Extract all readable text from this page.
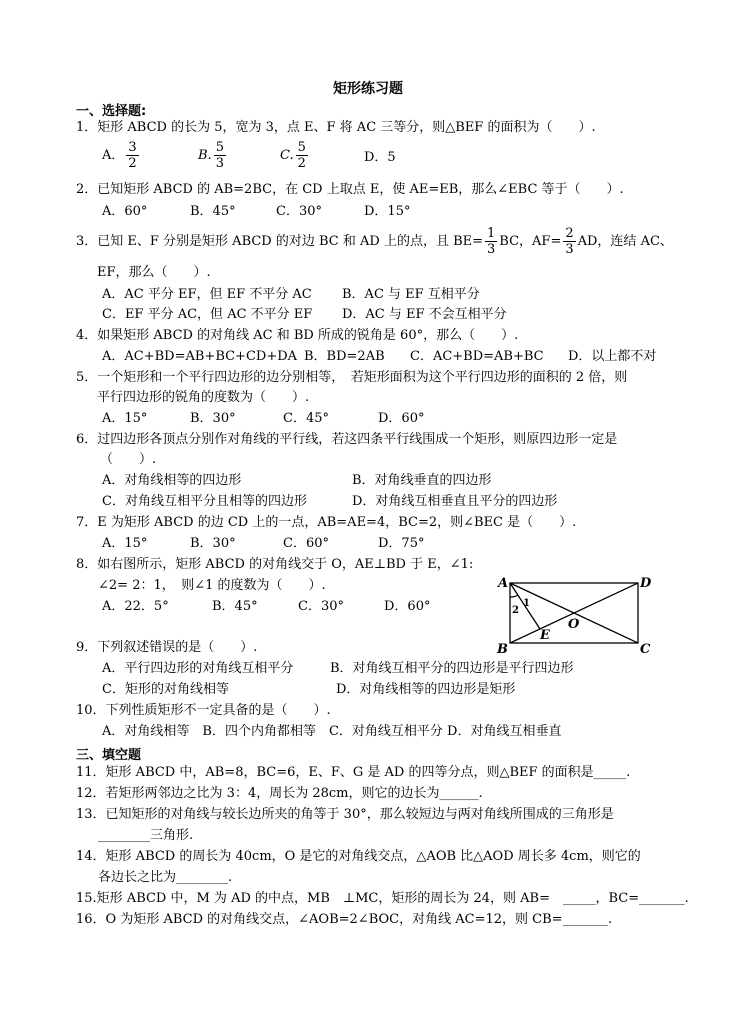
矩形练习题
一、选择题:
1．矩形 ABCD 的长为 5，宽为 3，点 E、F 将 AC 三等分，则△BEF 的面积为（　　）.
A． $\frac{3}{2}$	B. $\frac{5}{3}$	C. $\frac{5}{2}$	D．5
2．已知矩形 ABCD 的 AB=2BC，在 CD 上取点 E，使 AE=EB，那么∠EBC 等于（　　）.
A．60°	B．45°	C．30°	D．15°
3．已知 E、F 分别是矩形 ABCD 的对边 BC 和 AD 上的点，且 $BE= \frac{1}{3}$ BC，$AF= \frac{2}{3}$ AD，连结 AC、
EF，那么（　　）.
A．AC 平分 EF，但 EF 不平分 AC B．AC 与 EF 互相平分
C．EF 平分 AC，但 AC 不平分 EF D．AC 与 EF 不会互相平分
4．如果矩形 ABCD 的对角线 AC 和 BD 所成的锐角是 60°，那么（　　）.
A．AC+BD=AB+BC+CD+DA B．BD=2AB C．AC+BD=AB+BC D．以上都不对
5．一个矩形和一个平行四边形的边分别相等，　若矩形面积为这个平行四边形的面积的 2 倍，则
平行四边形的锐角的度数为（　　）.
A．15°	B．30°	C．45°	D．60°
6．过四边形各顶点分别作对角线的平行线，若这四条平行线围成一个矩形，则原四边形一定是
（　　）.
A．对角线相等的四边形	B．对角线垂直的四边形
C．对角线互相平分且相等的四边形	D．对角线互相垂直且平分的四边形
7．E 为矩形 ABCD 的边 CD 上的一点，AB=AE=4，BC=2，则∠BEC 是（　　）.
A．15°	B．30°	C．60°	D．75°
8．如右图所示，矩形 ABCD 的对角线交于 O，AE⊥BD 于 E，∠1:
∠2= 2：1，　则∠1 的度数为（　　）.
A．22．5°	B．45°	C．30°	D．60°
A	D
B	C
E
O
1
2
9．下列叙述错误的是（　　）.
A．平行四边形的对角线互相平分	B．对角线互相平分的四边形是平行四边形
C．矩形的对角线相等	D．对角线相等的四边形是矩形
10．下列性质矩形不一定具备的是（　　）.
A．对角线相等　B．四个内角都相等　C．对角线互相平分 D．对角线互相垂直
三、填空题
11．矩形 ABCD 中，AB=8，BC=6，E、F、G 是 AD 的四等分点，则△BEF 的面积是_____.
12．若矩形两邻边之比为 3：4，周长为 28cm，则它的边长为______.
13．已知矩形的对角线与较长边所夹的角等于 30°，那么较短边与两对角线所围成的三角形是
________三角形.
14．矩形 ABCD 的周长为 40cm，O 是它的对角线交点，△AOB 比△AOD 周长多 4cm，则它的
各边长之比为________.
15.矩形 ABCD 中，M 为 AD 的中点，MB　⊥MC，矩形的周长为 24，则 AB=　_____，BC=_______.
16．O 为矩形 ABCD 的对角线交点，∠AOB=2∠BOC，对角线 AC=12，则 CB=_______.
